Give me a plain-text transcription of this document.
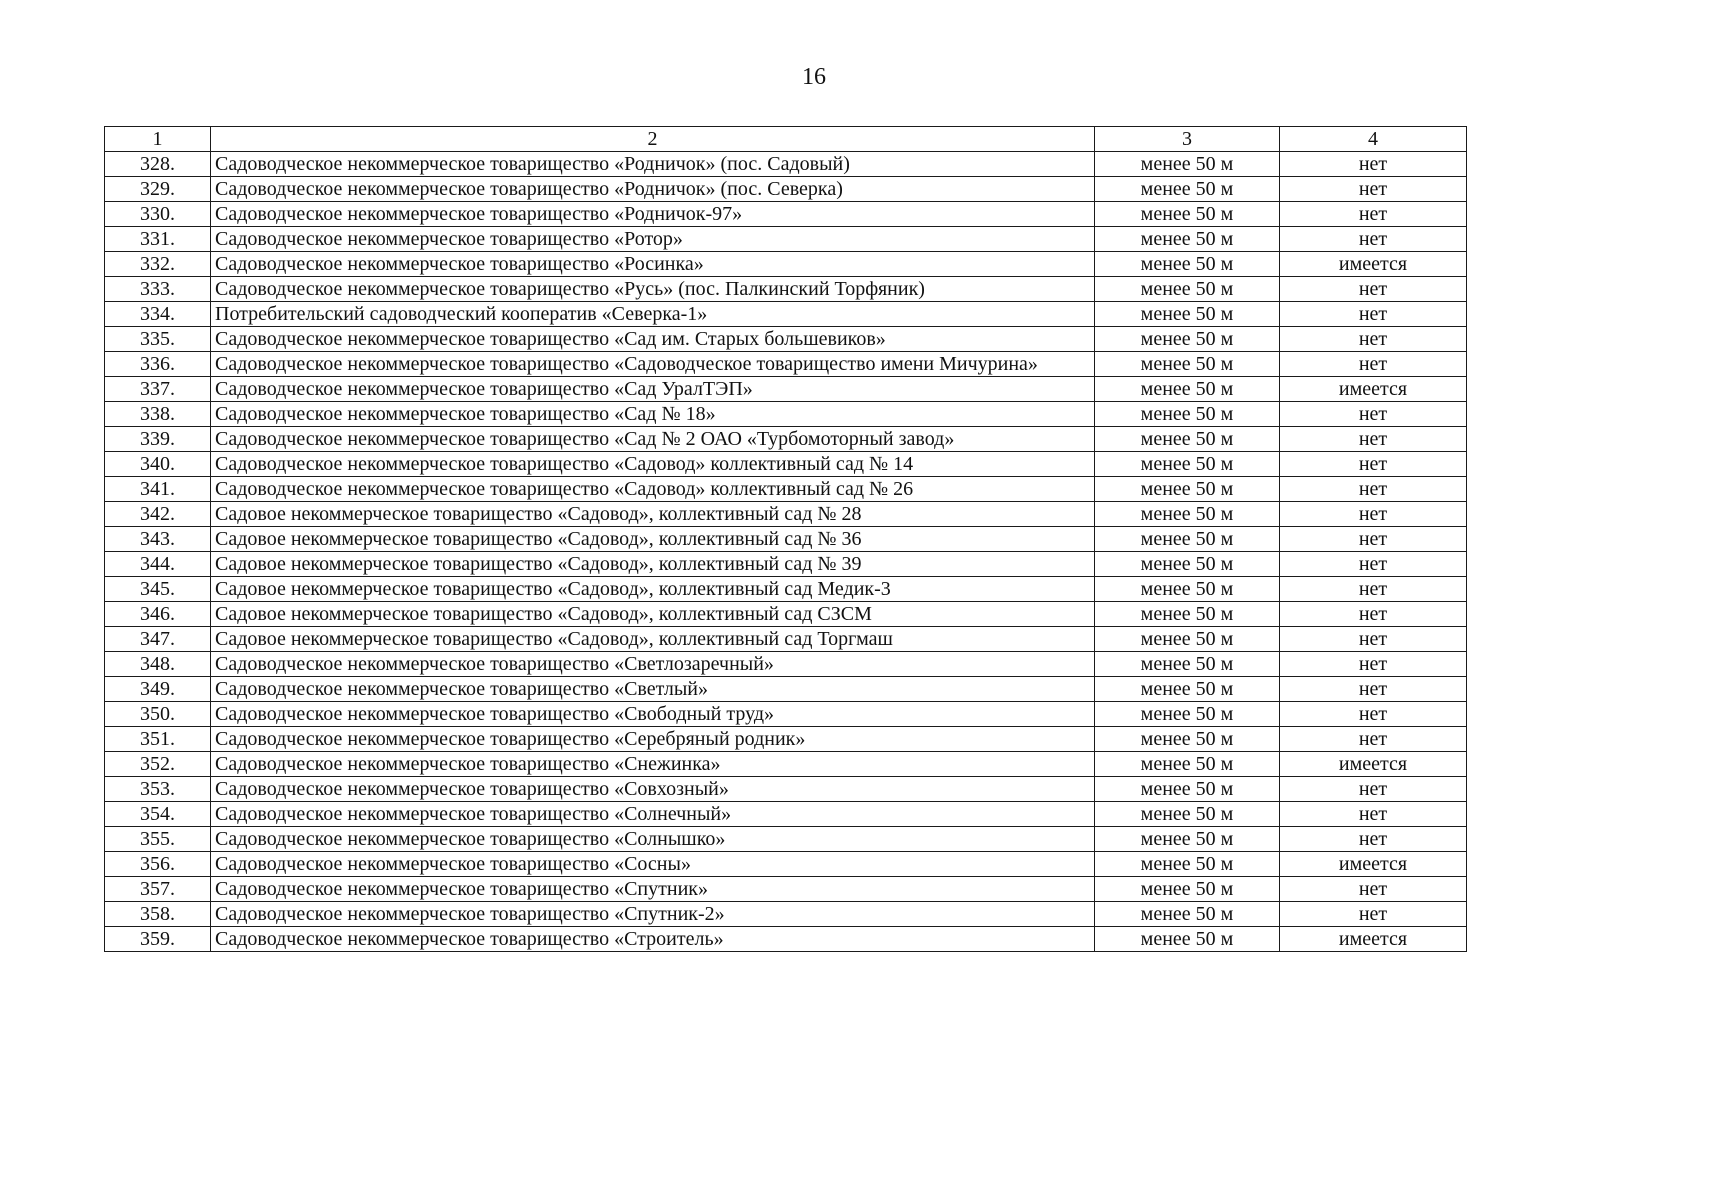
16
1	2	3	4
328.	Садоводческое некоммерческое товарищество «Родничок» (пос. Садовый)	менее 50 м	нет
329.	Садоводческое некоммерческое товарищество «Родничок» (пос. Северка)	менее 50 м	нет
330.	Садоводческое некоммерческое товарищество «Родничок-97»	менее 50 м	нет
331.	Садоводческое некоммерческое товарищество «Ротор»	менее 50 м	нет
332.	Садоводческое некоммерческое товарищество «Росинка»	менее 50 м	имеется
333.	Садоводческое некоммерческое товарищество «Русь» (пос. Палкинский Торфяник)	менее 50 м	нет
334.	Потребительский садоводческий кооператив «Северка-1»	менее 50 м	нет
335.	Садоводческое некоммерческое товарищество «Сад им. Старых большевиков»	менее 50 м	нет
336.	Садоводческое некоммерческое товарищество «Садоводческое товарищество имени Мичурина»	менее 50 м	нет
337.	Садоводческое некоммерческое товарищество «Сад УралТЭП»	менее 50 м	имеется
338.	Садоводческое некоммерческое товарищество «Сад № 18»	менее 50 м	нет
339.	Садоводческое некоммерческое товарищество «Сад № 2 ОАО «Турбомоторный завод»	менее 50 м	нет
340.	Садоводческое некоммерческое товарищество «Садовод» коллективный сад № 14	менее 50 м	нет
341.	Садоводческое некоммерческое товарищество «Садовод» коллективный сад № 26	менее 50 м	нет
342.	Садовое некоммерческое товарищество «Садовод», коллективный сад № 28	менее 50 м	нет
343.	Садовое некоммерческое товарищество «Садовод», коллективный сад № 36	менее 50 м	нет
344.	Садовое некоммерческое товарищество «Садовод», коллективный сад № 39	менее 50 м	нет
345.	Садовое некоммерческое товарищество «Садовод», коллективный сад Медик-3	менее 50 м	нет
346.	Садовое некоммерческое товарищество «Садовод», коллективный сад СЗСМ	менее 50 м	нет
347.	Садовое некоммерческое товарищество «Садовод», коллективный сад Торгмаш	менее 50 м	нет
348.	Садоводческое некоммерческое товарищество «Светлозаречный»	менее 50 м	нет
349.	Садоводческое некоммерческое товарищество «Светлый»	менее 50 м	нет
350.	Садоводческое некоммерческое товарищество «Свободный труд»	менее 50 м	нет
351.	Садоводческое некоммерческое товарищество «Серебряный родник»	менее 50 м	нет
352.	Садоводческое некоммерческое товарищество «Снежинка»	менее 50 м	имеется
353.	Садоводческое некоммерческое товарищество «Совхозный»	менее 50 м	нет
354.	Садоводческое некоммерческое товарищество «Солнечный»	менее 50 м	нет
355.	Садоводческое некоммерческое товарищество «Солнышко»	менее 50 м	нет
356.	Садоводческое некоммерческое товарищество «Сосны»	менее 50 м	имеется
357.	Садоводческое некоммерческое товарищество «Спутник»	менее 50 м	нет
358.	Садоводческое некоммерческое товарищество «Спутник-2»	менее 50 м	нет
359.	Садоводческое некоммерческое товарищество «Строитель»	менее 50 м	имеется
